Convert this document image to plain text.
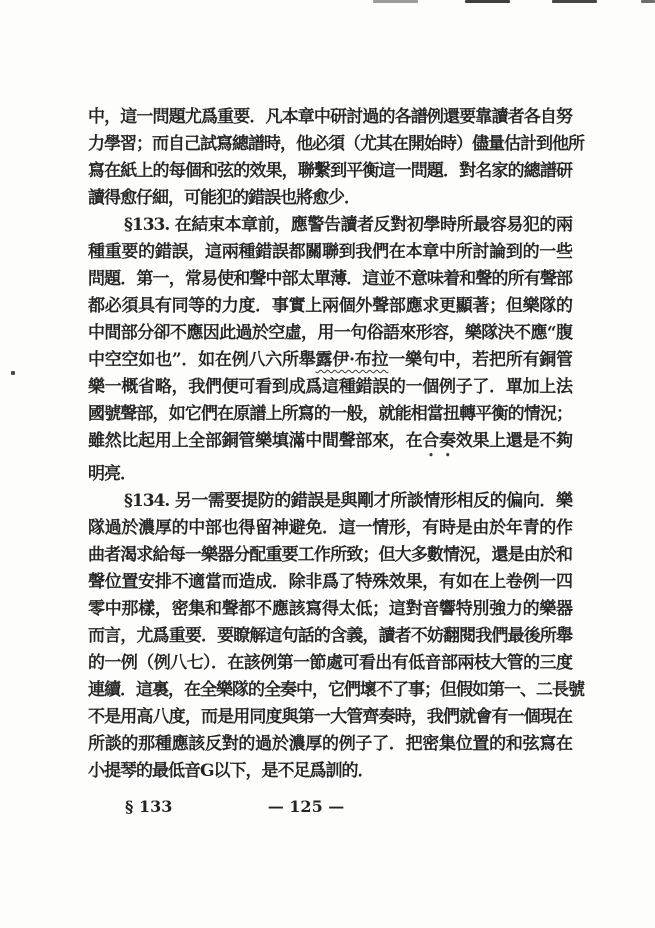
中，這一問題尤爲重要．凡本章中研討過的各譜例還要靠讀者各自努
力學習；而自己試寫總譜時，他必須（尤其在開始時）儘量估計到他所
寫在紙上的每個和弦的效果，聯繫到平衡這一問題．對名家的總譜研
讀得愈仔細，可能犯的錯誤也將愈少．
§133. 在結束本章前，應警告讀者反對初學時所最容易犯的兩
種重要的錯誤，這兩種錯誤都關聯到我們在本章中所討論到的一些
問題．第一，常易使和聲中部太單薄．這並不意味着和聲的所有聲部
都必須具有同等的力度．事實上兩個外聲部應求更顯著；但樂隊的
中間部分卻不應因此過於空虛，用一句俗語來形容，樂隊決不應“腹
中空空如也”．如在例八六所舉露伊·布拉一樂句中，若把所有銅管
樂一概省略，我們便可看到成爲這種錯誤的一個例子了．單加上法
國號聲部，如它們在原譜上所寫的一般，就能相當扭轉平衡的情況；
雖然比起用上全部銅管樂填滿中間聲部來，在合奏效果上還是不夠
明亮．
§134. 另一需要提防的錯誤是與剛才所談情形相反的偏向．樂
隊過於濃厚的中部也得留神避免．這一情形，有時是由於年青的作
曲者渴求給每一樂器分配重要工作所致；但大多數情況，還是由於和
聲位置安排不適當而造成．除非爲了特殊效果，有如在上卷例一四
零中那樣，密集和聲都不應該寫得太低；這對音響特別強力的樂器
而言，尤爲重要．要瞭解這句話的含義，讀者不妨翻閱我們最後所舉
的一例（例八七）．在該例第一節處可看出有低音部兩枝大管的三度
連續．這裏，在全樂隊的全奏中，它們壞不了事；但假如第一、二長號
不是用高八度，而是用同度與第一大管齊奏時，我們就會有一個現在
所談的那種應該反對的過於濃厚的例子了．把密集位置的和弦寫在
小提琴的最低音G以下，是不足爲訓的．
§ 133	— 125 —
